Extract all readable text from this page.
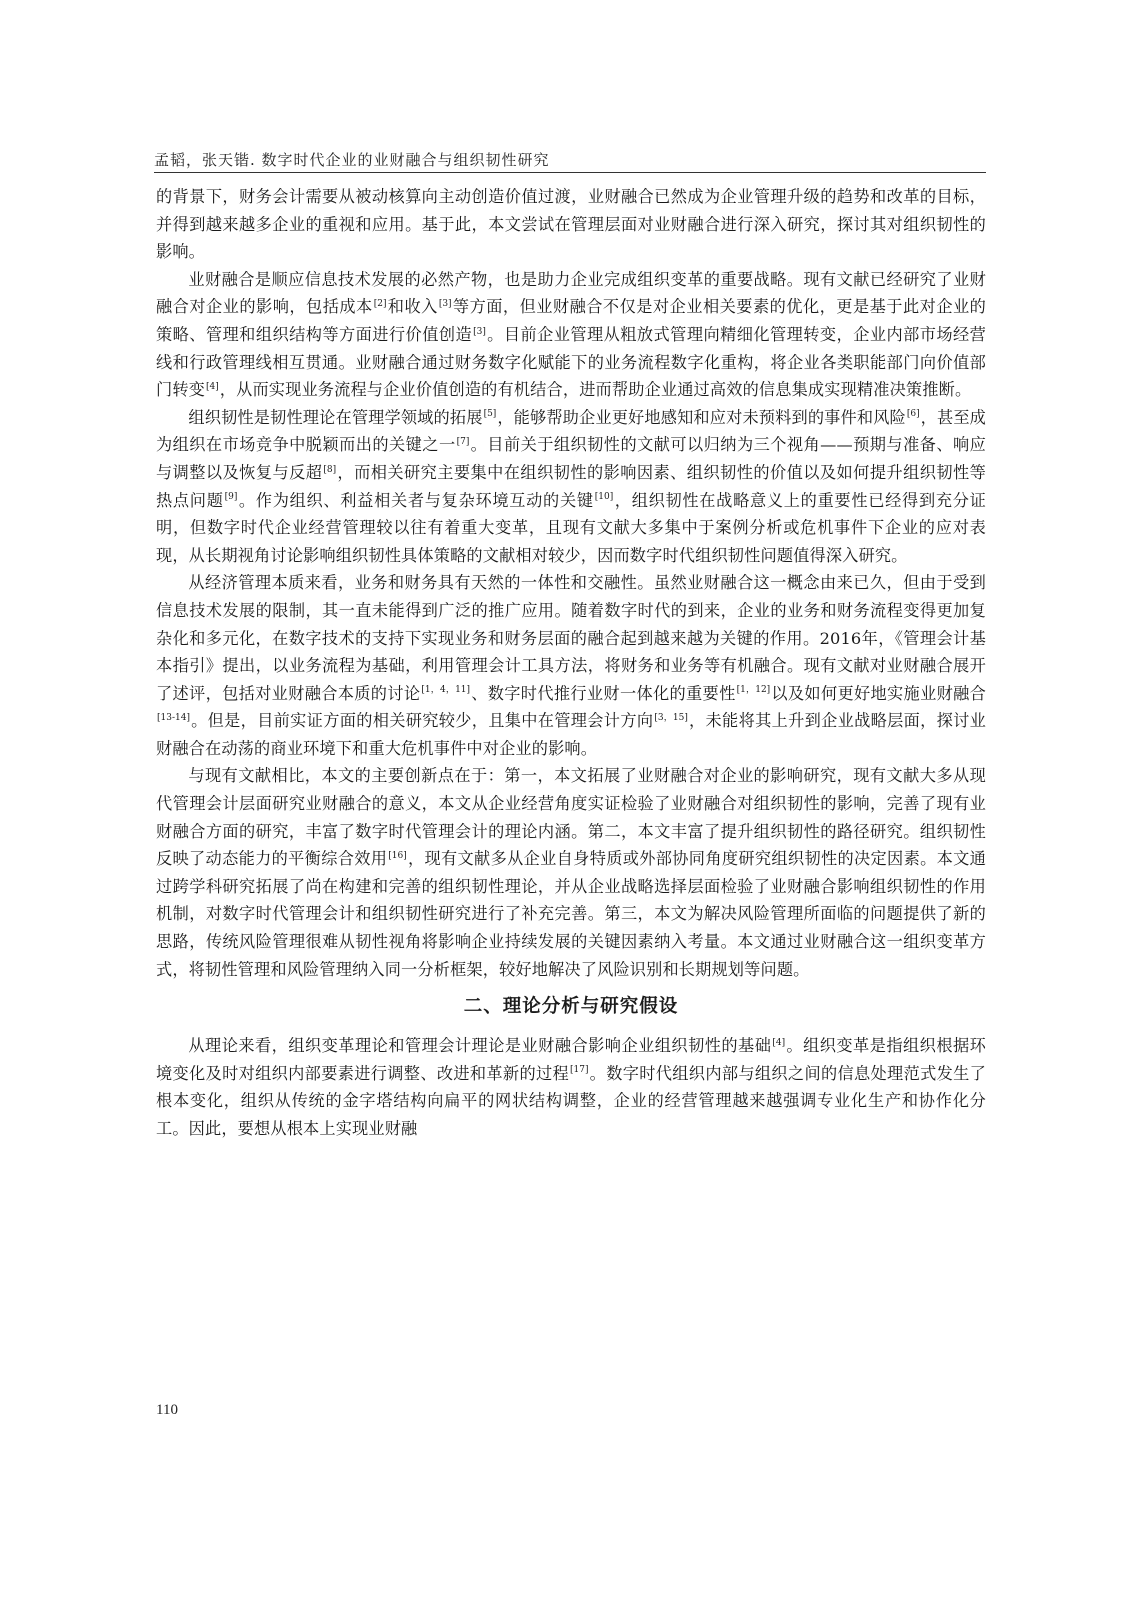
孟韬，张天锴. 数字时代企业的业财融合与组织韧性研究

的背景下，财务会计需要从被动核算向主动创造价值过渡，业财融合已然成为企业管理升级的趋势和改革的目标，并得到越来越多企业的重视和应用。基于此，本文尝试在管理层面对业财融合进行深入研究，探讨其对组织韧性的影响。

业财融合是顺应信息技术发展的必然产物，也是助力企业完成组织变革的重要战略。现有文献已经研究了业财融合对企业的影响，包括成本[2]和收入[3]等方面，但业财融合不仅是对企业相关要素的优化，更是基于此对企业的策略、管理和组织结构等方面进行价值创造[3]。目前企业管理从粗放式管理向精细化管理转变，企业内部市场经营线和行政管理线相互贯通。业财融合通过财务数字化赋能下的业务流程数字化重构，将企业各类职能部门向价值部门转变[4]，从而实现业务流程与企业价值创造的有机结合，进而帮助企业通过高效的信息集成实现精准决策推断。

组织韧性是韧性理论在管理学领域的拓展[5]，能够帮助企业更好地感知和应对未预料到的事件和风险[6]，甚至成为组织在市场竞争中脱颖而出的关键之一[7]。目前关于组织韧性的文献可以归纳为三个视角——预期与准备、响应与调整以及恢复与反超[8]，而相关研究主要集中在组织韧性的影响因素、组织韧性的价值以及如何提升组织韧性等热点问题[9]。作为组织、利益相关者与复杂环境互动的关键[10]，组织韧性在战略意义上的重要性已经得到充分证明，但数字时代企业经营管理较以往有着重大变革，且现有文献大多集中于案例分析或危机事件下企业的应对表现，从长期视角讨论影响组织韧性具体策略的文献相对较少，因而数字时代组织韧性问题值得深入研究。

从经济管理本质来看，业务和财务具有天然的一体性和交融性。虽然业财融合这一概念由来已久，但由于受到信息技术发展的限制，其一直未能得到广泛的推广应用。随着数字时代的到来，企业的业务和财务流程变得更加复杂化和多元化，在数字技术的支持下实现业务和财务层面的融合起到越来越为关键的作用。2016年，《管理会计基本指引》提出，以业务流程为基础，利用管理会计工具方法，将财务和业务等有机融合。现有文献对业财融合展开了述评，包括对业财融合本质的讨论[1，4，11]、数字时代推行业财一体化的重要性[1，12]以及如何更好地实施业财融合[13-14]。但是，目前实证方面的相关研究较少，且集中在管理会计方向[3，15]，未能将其上升到企业战略层面，探讨业财融合在动荡的商业环境下和重大危机事件中对企业的影响。

与现有文献相比，本文的主要创新点在于：第一，本文拓展了业财融合对企业的影响研究，现有文献大多从现代管理会计层面研究业财融合的意义，本文从企业经营角度实证检验了业财融合对组织韧性的影响，完善了现有业财融合方面的研究，丰富了数字时代管理会计的理论内涵。第二，本文丰富了提升组织韧性的路径研究。组织韧性反映了动态能力的平衡综合效用[16]，现有文献多从企业自身特质或外部协同角度研究组织韧性的决定因素。本文通过跨学科研究拓展了尚在构建和完善的组织韧性理论，并从企业战略选择层面检验了业财融合影响组织韧性的作用机制，对数字时代管理会计和组织韧性研究进行了补充完善。第三，本文为解决风险管理所面临的问题提供了新的思路，传统风险管理很难从韧性视角将影响企业持续发展的关键因素纳入考量。本文通过业财融合这一组织变革方式，将韧性管理和风险管理纳入同一分析框架，较好地解决了风险识别和长期规划等问题。

二、理论分析与研究假设

从理论来看，组织变革理论和管理会计理论是业财融合影响企业组织韧性的基础[4]。组织变革是指组织根据环境变化及时对组织内部要素进行调整、改进和革新的过程[17]。数字时代组织内部与组织之间的信息处理范式发生了根本变化，组织从传统的金字塔结构向扁平的网状结构调整，企业的经营管理越来越强调专业化生产和协作化分工。因此，要想从根本上实现业财融

110
